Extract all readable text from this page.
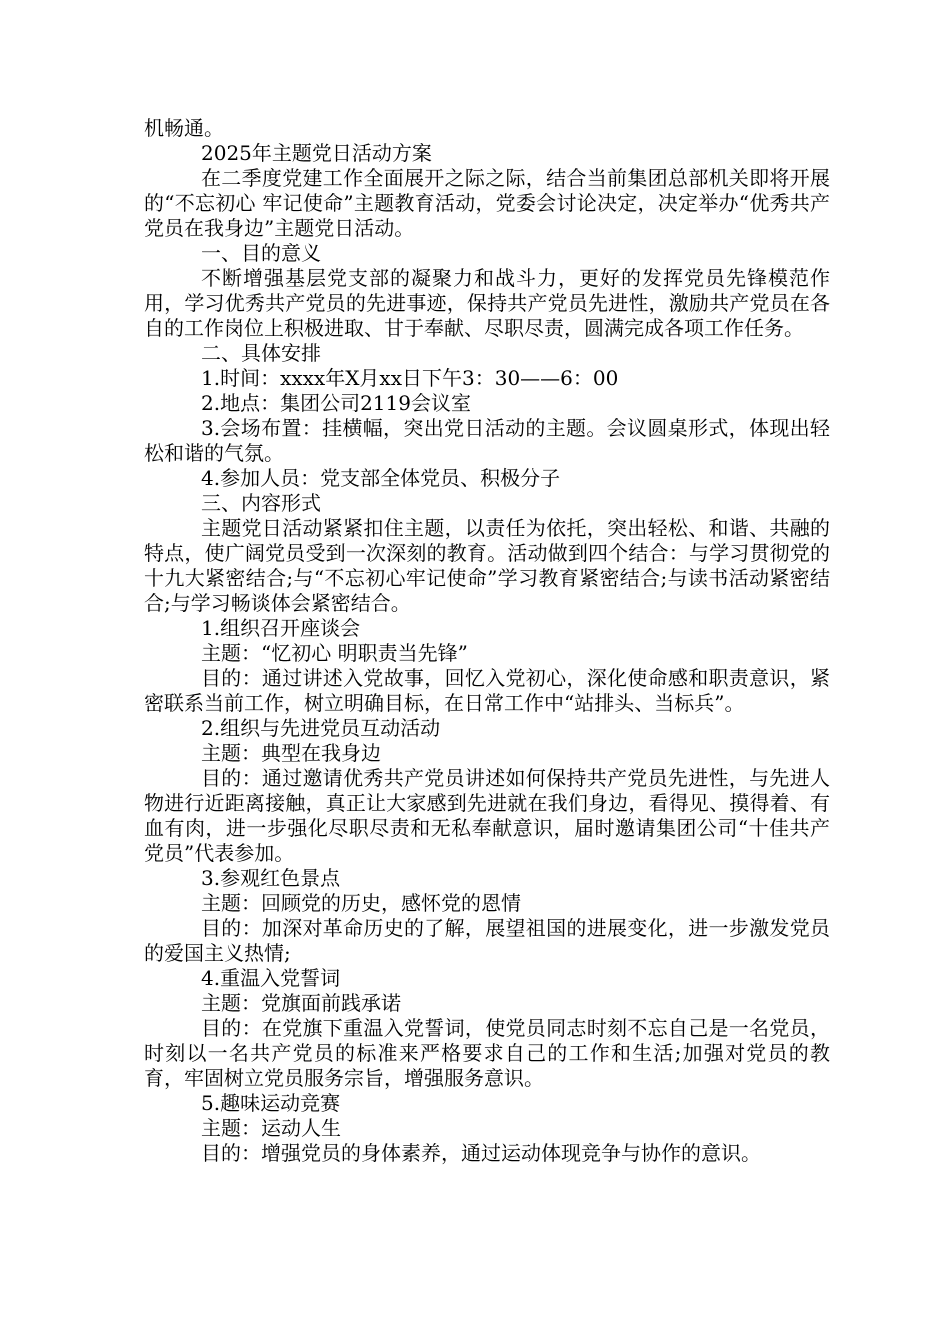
机畅通。

2025年主题党日活动方案

在二季度党建工作全面展开之际之际，结合当前集团总部机关即将开展的“不忘初心 牢记使命”主题教育活动，党委会讨论决定，决定举办“优秀共产党员在我身边”主题党日活动。

一、目的意义

不断增强基层党支部的凝聚力和战斗力，更好的发挥党员先锋模范作用，学习优秀共产党员的先进事迹，保持共产党员先进性，激励共产党员在各自的工作岗位上积极进取、甘于奉献、尽职尽责，圆满完成各项工作任务。

二、具体安排

1.时间：xxxx年X月xx日下午3：30——6：00

2.地点：集团公司2119会议室

3.会场布置：挂横幅，突出党日活动的主题。会议圆桌形式，体现出轻松和谐的气氛。

4.参加人员：党支部全体党员、积极分子

三、内容形式

主题党日活动紧紧扣住主题，以责任为依托，突出轻松、和谐、共融的特点，使广阔党员受到一次深刻的教育。活动做到四个结合：与学习贯彻党的十九大紧密结合;与“不忘初心牢记使命”学习教育紧密结合;与读书活动紧密结合;与学习畅谈体会紧密结合。

1.组织召开座谈会

主题：“忆初心 明职责当先锋”

目的：通过讲述入党故事，回忆入党初心，深化使命感和职责意识，紧密联系当前工作，树立明确目标，在日常工作中“站排头、当标兵”。

2.组织与先进党员互动活动

主题：典型在我身边

目的：通过邀请优秀共产党员讲述如何保持共产党员先进性，与先进人物进行近距离接触，真正让大家感到先进就在我们身边，看得见、摸得着、有血有肉，进一步强化尽职尽责和无私奉献意识，届时邀请集团公司“十佳共产党员”代表参加。

3.参观红色景点

主题：回顾党的历史，感怀党的恩情

目的：加深对革命历史的了解，展望祖国的进展变化，进一步激发党员的爱国主义热情;

4.重温入党誓词

主题：党旗面前践承诺

目的：在党旗下重温入党誓词，使党员同志时刻不忘自己是一名党员，时刻以一名共产党员的标准来严格要求自己的工作和生活;加强对党员的教育，牢固树立党员服务宗旨，增强服务意识。

5.趣味运动竞赛

主题：运动人生

目的：增强党员的身体素养，通过运动体现竞争与协作的意识。
